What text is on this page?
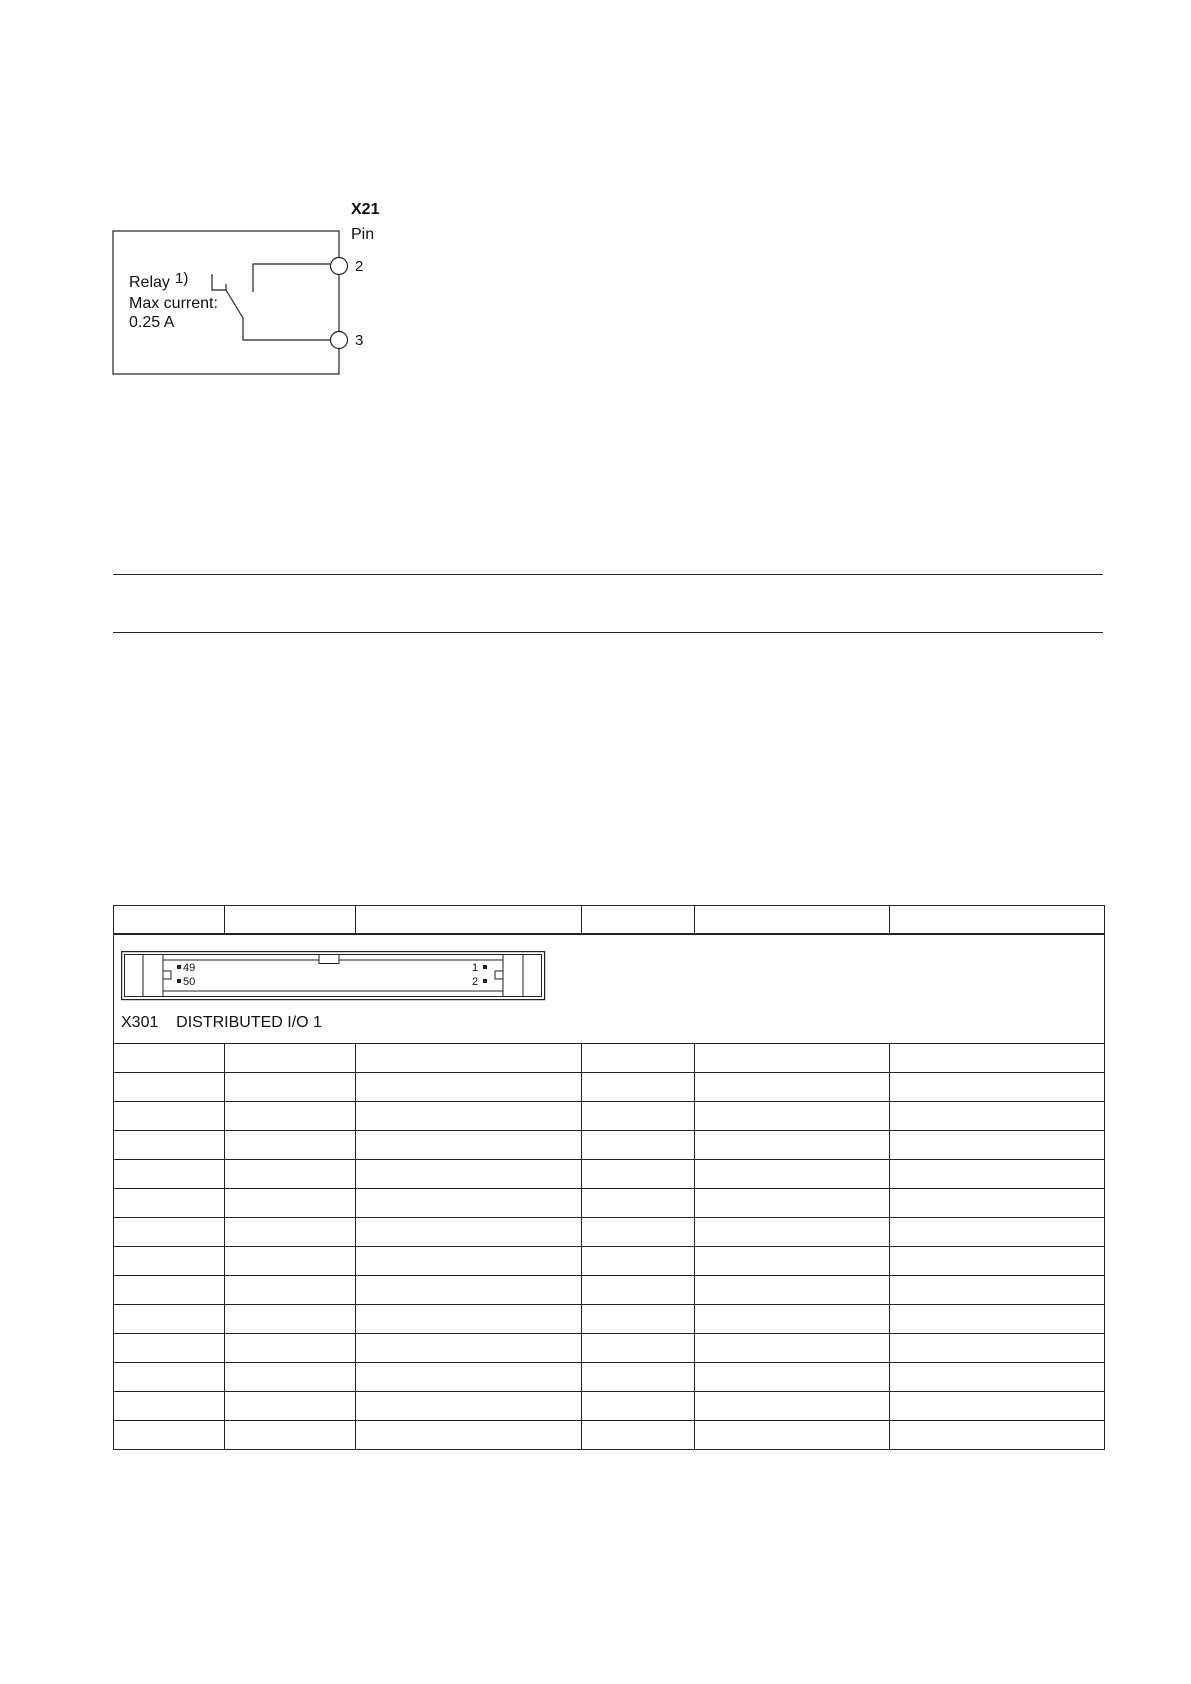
X21
Pin
Relay 1)
Max current:
0.25 A
2
3

49
50
1
2
X301    DISTRIBUTED I/O 1					
